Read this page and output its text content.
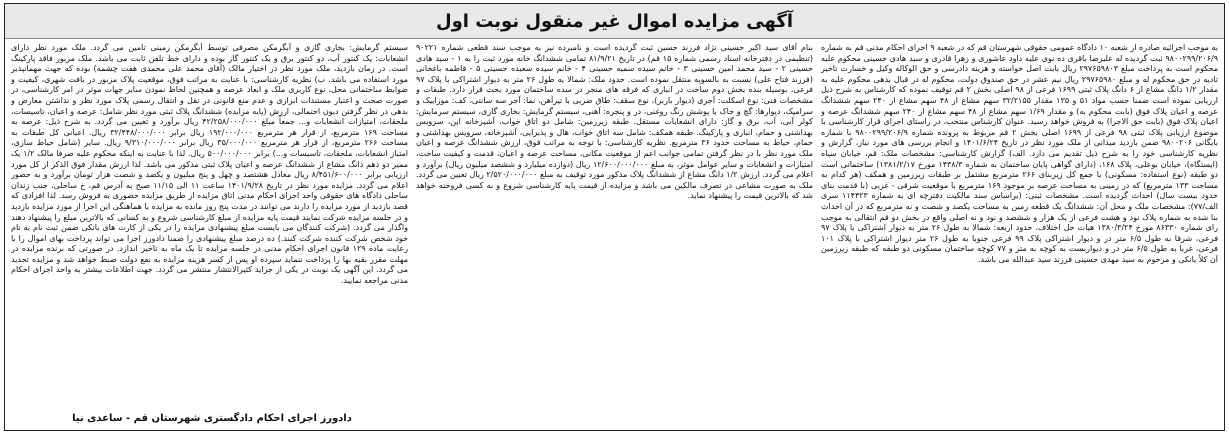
آگهی مزایده اموال غیر منقول نوبت اول

به موجب اجرائیه صادره از شعبه ۱۰ دادگاه عمومی حقوقی شهرستان قم که در شعبه ۹ اجرای احکام مدنی قم به شماره ۹۸۰۰۲۹۹/۲۰۶/۹ ثبت گردیده له علیرضا باقری ده نوی علیه داود عاشوری و زهرا قادری و سید هادی حسینی محکوم علیه محکوم است به پرداخت مبلغ ۲۹۷۶۵۹۸۰۳ ریال بابت اصل خواسته و هزینه دادرسی و حق الوکاله وکیل و خسارت تاخیر تادیه در حق محکوم له و مبلغ ۲۹۷۶۵۹۸۰ ریال نیم عشر در حق صندوق دولت، محکوم له در قبال بدهی محکوم علیه به مقدار ۱/۲ دانگ مشاع از ۶ دانگ پلاک ثبتی ۱۶۹۹ فرعی از ۹۸ اصلی بخش ۲ قم توقیف نموده که کارشناس به شرح ذیل ارزیابی نموده است ضمنا حسب مواد ۵۱ و ۱۳۵ مقدار ۳۲/۲۱۵۵ سهم مشاع از ۴۸ سهم مشاع از ۲۴۰ سهم ششدانگ عرصه و اعیان پلاک فوق (بابت محکوم به) و مقدار ۱/۶۹ سهم مشاع از ۴۸ سهم مشاع از ۲۴۰ سهم ششدانگ عرصه و اعیان پلاک فوق (بابت حق الاجرا) به فروش خواهد رسید. عنوان کارشناس منتخب، در راستای اجرای قرار کارشناسی با موضوع ارزیابی پلاک ثبتی ۹۸ فرعی از ۱۶۹۹ اصلی بخش ۲ قم مربوط به پرونده شماره ۹۸۰۰۲۹۹/۲۰۶/۹ با شماره بایگانی ۹۸۰۰۲۰۶ ضمن بازدید میدانی از ملک مورد نظر در تاریخ ۱۴۰۱/۶/۲۴ و انجام بررسی های مورد نیاز، گزارش و نظریه کارشناسی خود را به شرح ذیل تقدیم می دارد. الف) گزارش کارشناسی: مشخصات ملک: قم، خیابان سیاه (ایستگاه)، خیابان بوعلی، پلاک ۱۶۸، (دارای گواهی پایان ساختمان به شماره ۱۴۳۸/۳ مورخ ۱۳۸۱/۲/۱۷) ساختمانی است دو طبقه (نوع استفاده: مسکونی) با جمع کل زیربنای ۲۶۶ مترمربع مشتمل بر طبقات زیرزمین و همکف (هر کدام به مساحت ۱۳۳ مترمربع) که در زمینی به مساحت عرصه بر موجود ۱۶۹ مترمربع با موقعیت شرقی - غربی (با قدمت بنای حدود بیست سال) احداث گردیده است. مشخصات ثبتی: (براساس سند مالکیت دفترچه ای به شماره ۱۱۴۴۲۳ سری الف/۷۷): مشخصات ملک و محل آن: ششدانگ یک قطعه زمین به مساحت یکصد و شصت و نه مترمربع که در آن احداث بنا شده به شماره پلاک نود و هشت فرعی از یک هزار و ششصد و نود و نه اصلی واقع در بخش دو قم انتقالی به موجب رای شماره ۸۶۳۳۰ مورخ ۱۳۸۰/۳/۲۴ هیات حل اختلاف. حدود اربعه: شمالا به طول ۲۶ متر به دیوار اشتراکی با پلاک ۹۷ فرعی، شرقا به طول ۶/۵ متر در و دیوار اشتراکی پلاک ۹۹ فرعی جنوبا به طول ۲۶ متر دیوار اشتراکی با پلاک ۱۰۱ فرعی، غربا به طول ۶/۵ متر در و دیواربست به کوچه به متر و ۷۷ کوچه ساختمان مسکونی دو طبقه که طبقه زیرزمین آن کلاً بانکی و مرحوم به سید مهدی حسینی فرزند سید عبدالله می باشد.

بنام آقای سید اکبر حسینی نژاد فرزند حسین ثبت گردیده است و نامبرده نیز به موجب سند قطعی شماره ۹۰۲۲۱ (تنظیمی در دفترخانه اسناد رسمی شماره ۱۵ قم) در تاریخ ۸۱/۹/۲۱ تمامی ششدانگ خانه مورد ثبت را به ۱ - سید هادی حسینی ۲ - سید محمد امین حسینی ۳ - خانم سیده سمیه حسینی ۴ - خانم سیده سعیده حسینی ۵ - فاطمه باغخانی (فرزند فتاح علی) نسبت به بالسویه منتقل نموده است. حدود ملک: شمالا به طول ۲۶ متر به دیوار اشتراکی با پلاک ۹۷ فرعی، بوسیله بنده بخش دوم ساخت در انباری که فرقه های منجر در سده ساختمان مورد بحث قرار دارد. طبقات و مشخصات فنی: نوع اسکلت: آجری (دیوار باربر)، نوع سقف: طاق ضربی با تیرآهن، نما: آجر سه سانتی، کف: موزاییک و سرامیک، دیوارها: گچ و خاک با پوشش رنگ روغنی، در و پنجره: آهنی، سیستم گرمایش: بخاری گازی، سیستم سرمایش: کولر آبی، آب، برق و گاز: دارای انشعابات مستقل. طبقه زیرزمین: شامل دو اتاق خواب، آشپزخانه اپن، سرویس بهداشتی و حمام، انباری و پارکینگ. طبقه همکف: شامل سه اتاق خواب، هال و پذیرایی، آشپزخانه، سرویس بهداشتی و حمام، حیاط به مساحت حدود ۳۶ مترمربع. نظریه کارشناسی: با توجه به مراتب فوق، ارزش ششدانگ عرصه و اعیان ملک مورد نظر با در نظر گرفتن تمامی جوانب اعم از موقعیت مکانی، مساحت عرصه و اعیان، قدمت و کیفیت ساخت، امتیازات و انشعابات و سایر عوامل موثر، به مبلغ ۱۲/۶۰۰/۰۰۰/۰۰۰ ریال (دوازده میلیارد و ششصد میلیون ریال) برآورد و اعلام می گردد. ارزش ۱/۲ دانگ مشاع از ششدانگ پلاک مذکور مورد توقیف به مبلغ ۲/۵۲۰/۰۰۰/۰۰۰ ریال تعیین می گردد. ملک به صورت مشاعی در تصرف مالکین می باشد و مزایده از قیمت پایه کارشناسی شروع و به کسی فروخته خواهد شد که بالاترین قیمت را پیشنهاد نماید.

سیستم گرمایش: بخاری گازی و آبگرمکن مصرفی توسط آبگرمکن زمینی تامین می گردد. ملک مورد نظر دارای انشعابات: یک کنتور آب، دو کنتور برق و یک کنتور گاز بوده و دارای خط تلفن ثابت می باشد. ملک مزبور فاقد پارکینگ است. در زمان بازدید، ملک مورد نظر در اختیار مالک (آقای محمد علی محمدی هفت چشمه) بوده که جهت مهمانپذیر مورد استفاده می باشد. ب) نظریه کارشناسی: با عنایت به مراتب فوق، موقعیت پلاک مزبور در بافت شهری، کیفیت و ضوابط ساختمانی محل، نوع کاربری ملک و ابعاد عرصه و همچنین لحاظ نمودن سایر جهات موثر در امر کارشناسی، در صورت صحت و اعتبار مستندات ابرازی و عدم منع قانونی در نقل و انتقال رسمی پلاک مورد نظر و نداشتن معارض و بدهی در نظر گرفتن دیون احتمالی، ارزش (پایه مزایده) ششدانگ پلاک ثبتی مورد نظر شامل: عرصه و اعیان، تاسیسات، ملحقات، امتیازات انشعابات و... جمعاً مبلغ ۴۲/۲۵۸/۰۰۰/۰۰۰ ریال برآورد و تعیین می گردد. به شرح ذیل: عرصه به مساحت ۱۶۹ مترمربع، از قرار هر مترمربع ۱۹۲/۰۰۰/۰۰۰ ریال برابر ۳۲/۴۴۸/۰۰۰/۰۰۰ ریال. اعیانی کل طبقات به مساحت ۲۶۶ مترمربع، از قرار هر مترمربع ۳۵/۰۰۰/۰۰۰ ریال برابر ۹/۳۱۰/۰۰۰/۰۰۰ ریال. سایر (شامل حیاط سازی، امتیاز انشعابات، ملحقات، تاسیسات و...) برابر ۵۰۰/۰۰۰/۰۰۰ ریال. لذا با عنایت به اینکه محکوم علیه صرفا مالک ۱/۲ یک ممیز دو دهم دانگ مشاع از ششدانگ عرصه و اعیان پلاک ثبتی مذکور می باشد. لذا ارزش مقدار فوق الذکر از کل مورد ارزیابی برابر ۸/۴۵۱/۶۰۰/۰۰۰ ریال معادل هشتصد و چهل و پنج میلیون و یکصد و شصت هزار تومان برآورد و به حضور اعلام می گردد. مزایده مورد نظر در تاریخ ۱۴۰۱/۹/۲۸ ساعت ۱۱ الی ۱۱/۱۵ صبح به آدرس قم، خ ساحلی، جنب زندان ساحلی دادگاه های حقوقی واحد اجرای احکام مدنی اتاق مزایده از طریق مزایده حضوری به فروش رسد. لذا افرادی که قصد بازدید از مورد مزایده را دارند می توانند در مدت پنج روز مانده به مزایده با هماهنگی این اجرا از مورد مزایده بازدید و در جلسه مزایده شرکت نمایند قیمت پایه مزایده از مبلغ کارشناسی شروع و به کسانی که بالاترین مبلغ را پیشنهاد دهند واگذار می گردد. (شرکت کنندگان می بایست مبلغ پیشنهادی مزایده را در یکی از کارت های بانکی ضمن ثبت نام به نام خود شخص شرکت کننده شرکت کنند.) ده درصد مبلغ پیشنهادی را ضمنا دادورز اجرا می تواند پرداخت بهای اموال را با رعایت ماده ۱۲۹ قانون اجرای احکام مدنی در جلسه مزایده تا یک ماه به تاخیر اندازد. در صورتی که برنده مزایده در مهلت مقرر بقیه بها را پرداخت ننماید سپرده او پس از کسر هزینه مزایده به نفع دولت ضبط خواهد شد و مزایده تجدید می گردد. این آگهی یک نوبت در یکی از جراید کثیرالانتشار منتشر می گردد. جهت اطلاعات بیشتر به واحد اجرای احکام مدنی مراجعه نمایید.

دادورز اجرای احکام دادگستری شهرستان قم - ساعدی نیا
